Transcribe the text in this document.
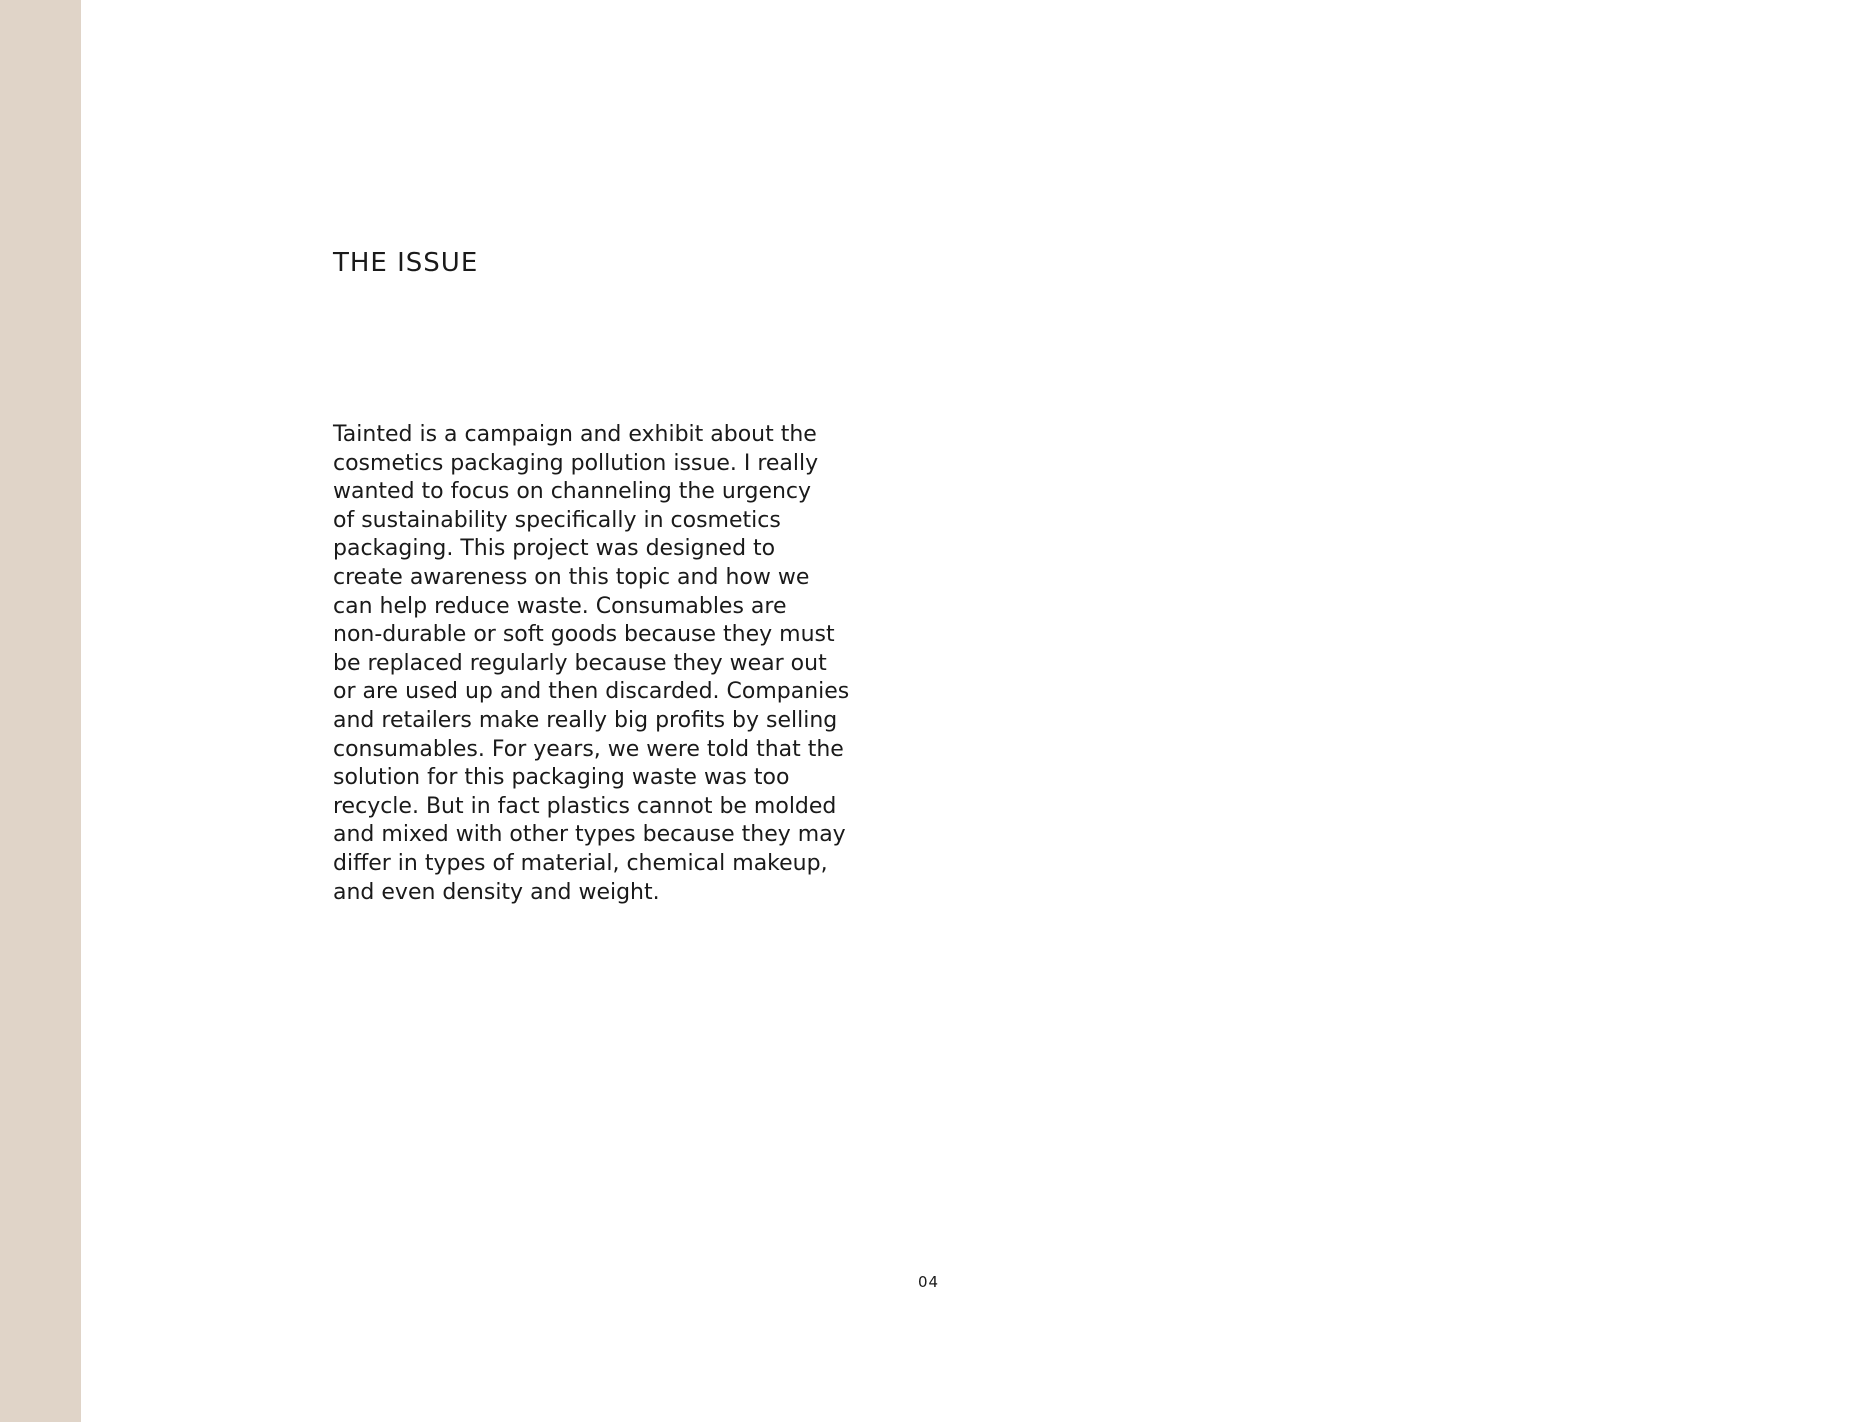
THE ISSUE

Tainted is a campaign and exhibit about the
cosmetics packaging pollution issue. I really
wanted to focus on channeling the urgency
of sustainability specifically in cosmetics
packaging. This project was designed to
create awareness on this topic and how we
can help reduce waste. Consumables are
non-durable or soft goods because they must
be replaced regularly because they wear out
or are used up and then discarded. Companies
and retailers make really big profits by selling
consumables. For years, we were told that the
solution for this packaging waste was too
recycle. But in fact plastics cannot be molded
and mixed with other types because they may
differ in types of material, chemical makeup,
and even density and weight.

04
